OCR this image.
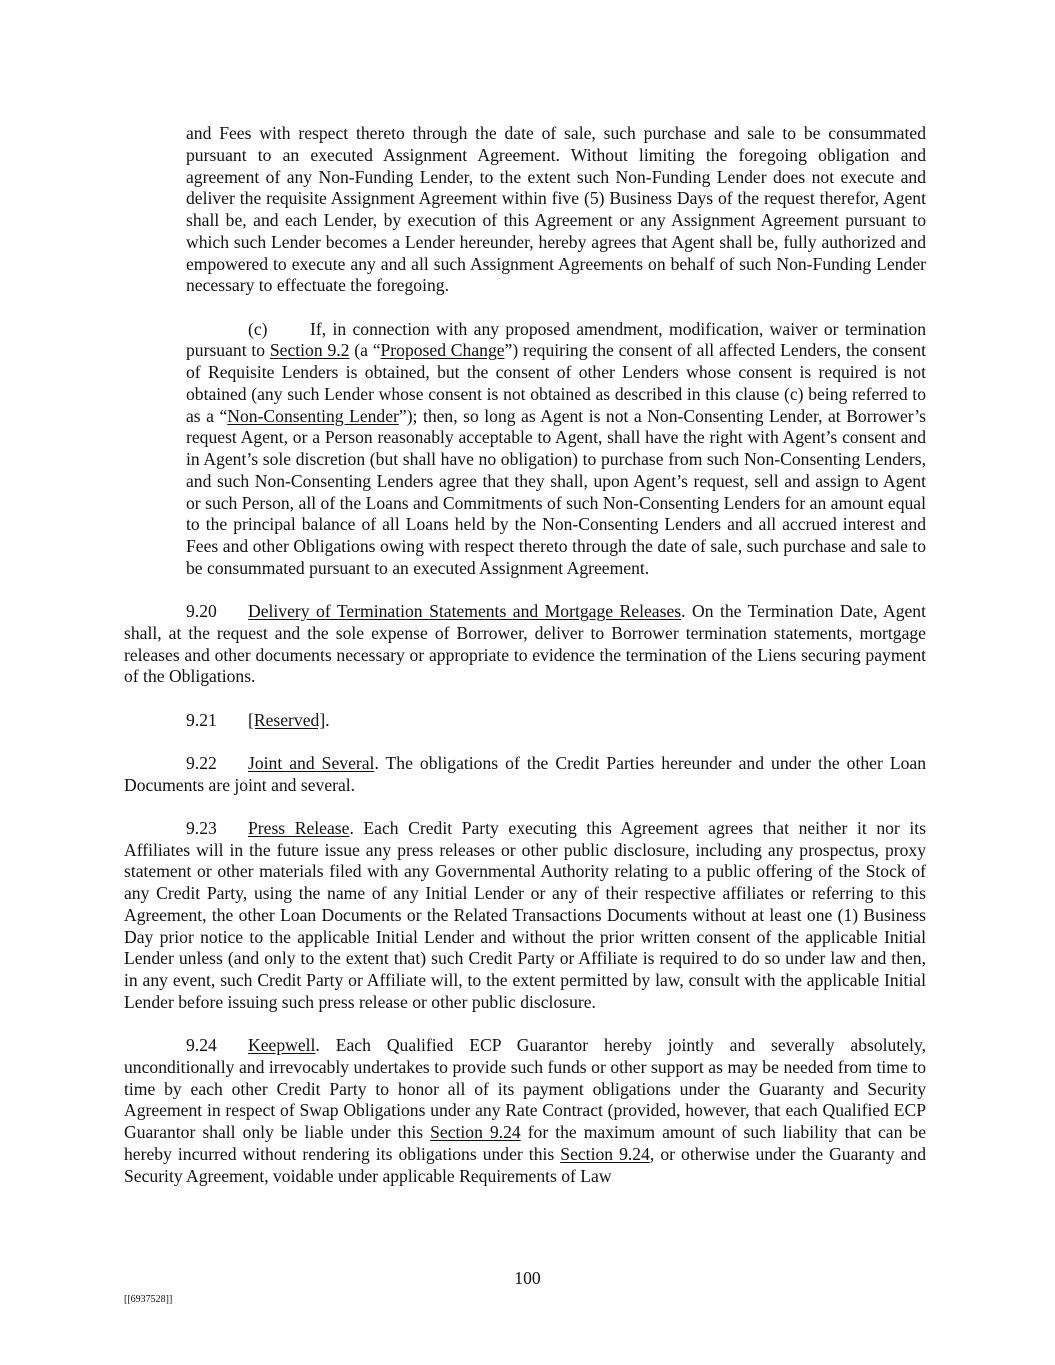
and Fees with respect thereto through the date of sale, such purchase and sale to be consummated pursuant to an executed Assignment Agreement. Without limiting the foregoing obligation and agreement of any Non-Funding Lender, to the extent such Non-Funding Lender does not execute and deliver the requisite Assignment Agreement within five (5) Business Days of the request therefor, Agent shall be, and each Lender, by execution of this Agreement or any Assignment Agreement pursuant to which such Lender becomes a Lender hereunder, hereby agrees that Agent shall be, fully authorized and empowered to execute any and all such Assignment Agreements on behalf of such Non-Funding Lender necessary to effectuate the foregoing.

(c) If, in connection with any proposed amendment, modification, waiver or termination pursuant to Section 9.2 (a “Proposed Change”) requiring the consent of all affected Lenders, the consent of Requisite Lenders is obtained, but the consent of other Lenders whose consent is required is not obtained (any such Lender whose consent is not obtained as described in this clause (c) being referred to as a “Non-Consenting Lender”); then, so long as Agent is not a Non-Consenting Lender, at Borrower’s request Agent, or a Person reasonably acceptable to Agent, shall have the right with Agent’s consent and in Agent’s sole discretion (but shall have no obligation) to purchase from such Non-Consenting Lenders, and such Non-Consenting Lenders agree that they shall, upon Agent’s request, sell and assign to Agent or such Person, all of the Loans and Commitments of such Non-Consenting Lenders for an amount equal to the principal balance of all Loans held by the Non-Consenting Lenders and all accrued interest and Fees and other Obligations owing with respect thereto through the date of sale, such purchase and sale to be consummated pursuant to an executed Assignment Agreement.

9.20 Delivery of Termination Statements and Mortgage Releases. On the Termination Date, Agent shall, at the request and the sole expense of Borrower, deliver to Borrower termination statements, mortgage releases and other documents necessary or appropriate to evidence the termination of the Liens securing payment of the Obligations.

9.21 [Reserved].

9.22 Joint and Several. The obligations of the Credit Parties hereunder and under the other Loan Documents are joint and several.

9.23 Press Release. Each Credit Party executing this Agreement agrees that neither it nor its Affiliates will in the future issue any press releases or other public disclosure, including any prospectus, proxy statement or other materials filed with any Governmental Authority relating to a public offering of the Stock of any Credit Party, using the name of any Initial Lender or any of their respective affiliates or referring to this Agreement, the other Loan Documents or the Related Transactions Documents without at least one (1) Business Day prior notice to the applicable Initial Lender and without the prior written consent of the applicable Initial Lender unless (and only to the extent that) such Credit Party or Affiliate is required to do so under law and then, in any event, such Credit Party or Affiliate will, to the extent permitted by law, consult with the applicable Initial Lender before issuing such press release or other public disclosure.

9.24 Keepwell. Each Qualified ECP Guarantor hereby jointly and severally absolutely, unconditionally and irrevocably undertakes to provide such funds or other support as may be needed from time to time by each other Credit Party to honor all of its payment obligations under the Guaranty and Security Agreement in respect of Swap Obligations under any Rate Contract (provided, however, that each Qualified ECP Guarantor shall only be liable under this Section 9.24 for the maximum amount of such liability that can be hereby incurred without rendering its obligations under this Section 9.24, or otherwise under the Guaranty and Security Agreement, voidable under applicable Requirements of Law

100
[[6937528]]
